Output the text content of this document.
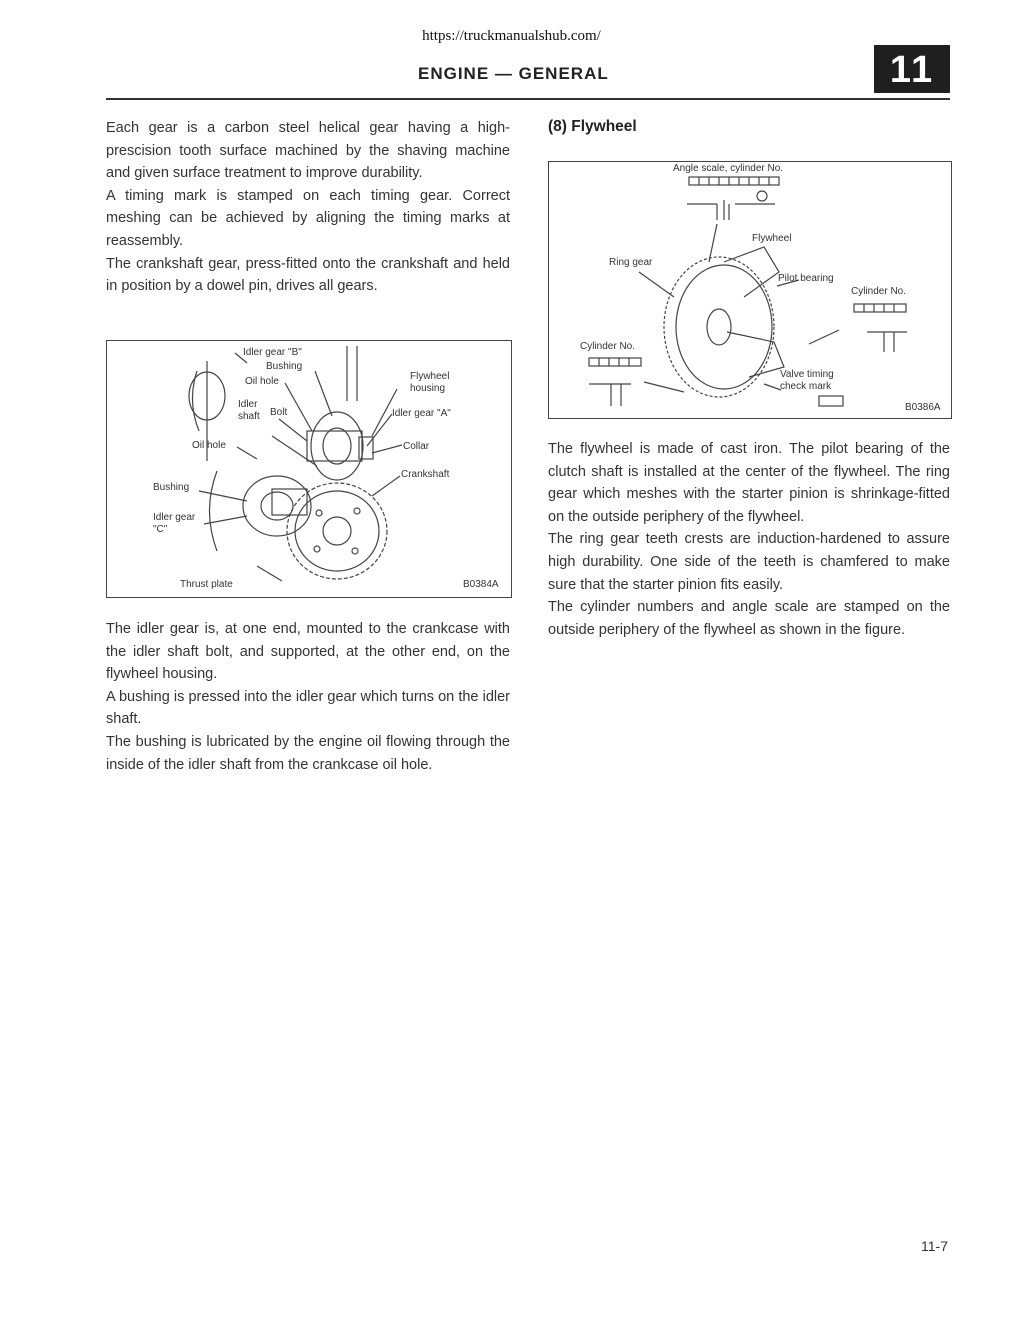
https://truckmanualshub.com/
ENGINE — GENERAL	11

Each gear is a carbon steel helical gear having a high-prescision tooth surface machined by the shaving machine and given surface treatment to improve durability.

A timing mark is stamped on each timing gear. Correct meshing can be achieved by aligning the timing marks at reassembly.

The crankshaft gear, press-fitted onto the crankshaft and held in position by a dowel pin, drives all gears.

Idler gear "B"
Bushing
Oil hole
Idler shaft	Bolt
Flywheel housing
Idler gear "A"
Oil hole	Collar
Crankshaft
Bushing
Idler gear "C"
Thrust plate	B0384A

The idler gear is, at one end, mounted to the crankcase with the idler shaft bolt, and supported, at the other end, on the flywheel housing.

A bushing is pressed into the idler gear which turns on the idler shaft.

The bushing is lubricated by the engine oil flowing through the inside of the idler shaft from the crankcase oil hole.

(8) Flywheel
Angle scale, cylinder No.
Flywheel
Ring gear
Pilot bearing
Cylinder No.
Cylinder No.
Valve timing check mark
B0386A

The flywheel is made of cast iron. The pilot bearing of the clutch shaft is installed at the center of the flywheel. The ring gear which meshes with the starter pinion is shrinkage-fitted on the outside periphery of the flywheel.

The ring gear teeth crests are induction-hardened to assure high durability. One side of the teeth is chamfered to make sure that the starter pinion fits easily.

The cylinder numbers and angle scale are stamped on the outside periphery of the flywheel as shown in the figure.

11-7
